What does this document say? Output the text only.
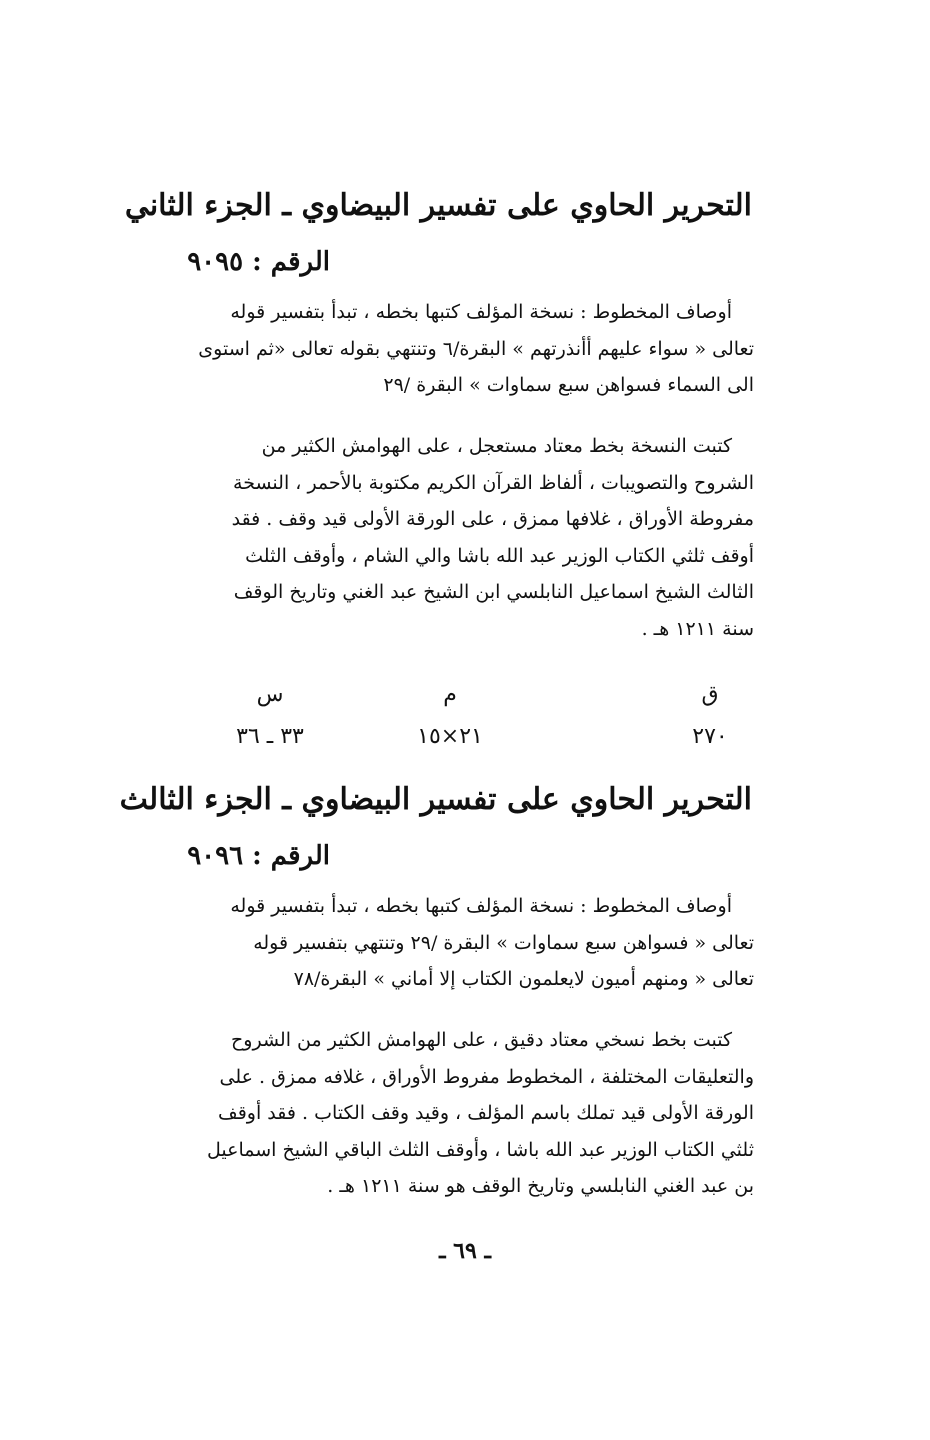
التحرير الحاوي على تفسير البيضاوي ـ الجزء الثاني
الرقم : ٩٠٩٥
أوصاف المخطوط : نسخة المؤلف كتبها بخطه ، تبدأ بتفسير قوله
تعالى « سواء عليهم أأنذرتهم » البقرة/٦ وتنتهي بقوله تعالى «ثم استوى
الى السماء فسواهن سبع سماوات » البقرة /٢٩
كتبت النسخة بخط معتاد مستعجل ، على الهوامش الكثير من
الشروح والتصويبات ، ألفاظ القرآن الكريم مكتوبة بالأحمر ، النسخة
مفروطة الأوراق ، غلافها ممزق ، على الورقة الأولى قيد وقف . فقد
أوقف ثلثي الكتاب الوزير عبد الله باشا والي الشام ، وأوقف الثلث
الثالث الشيخ اسماعيل النابلسي ابن الشيخ عبد الغني وتاريخ الوقف
سنة ١٢١١ هـ .
ق
م
س
٢٧٠
٢١×١٥
٣٣ ـ ٣٦
التحرير الحاوي على تفسير البيضاوي ـ الجزء الثالث
الرقم : ٩٠٩٦
أوصاف المخطوط : نسخة المؤلف كتبها بخطه ، تبدأ بتفسير قوله
تعالى « فسواهن سبع سماوات » البقرة /٢٩ وتنتهي بتفسير قوله
تعالى « ومنهم أميون لايعلمون الكتاب إلا أماني » البقرة/٧٨
كتبت بخط نسخي معتاد دقيق ، على الهوامش الكثير من الشروح
والتعليقات المختلفة ، المخطوط مفروط الأوراق ، غلافه ممزق . على
الورقة الأولى قيد تملك باسم المؤلف ، وقيد وقف الكتاب . فقد أوقف
ثلثي الكتاب الوزير عبد الله باشا ، وأوقف الثلث الباقي الشيخ اسماعيل
بن عبد الغني النابلسي وتاريخ الوقف هو سنة ١٢١١ هـ .
ـ ٦٩ ـ
